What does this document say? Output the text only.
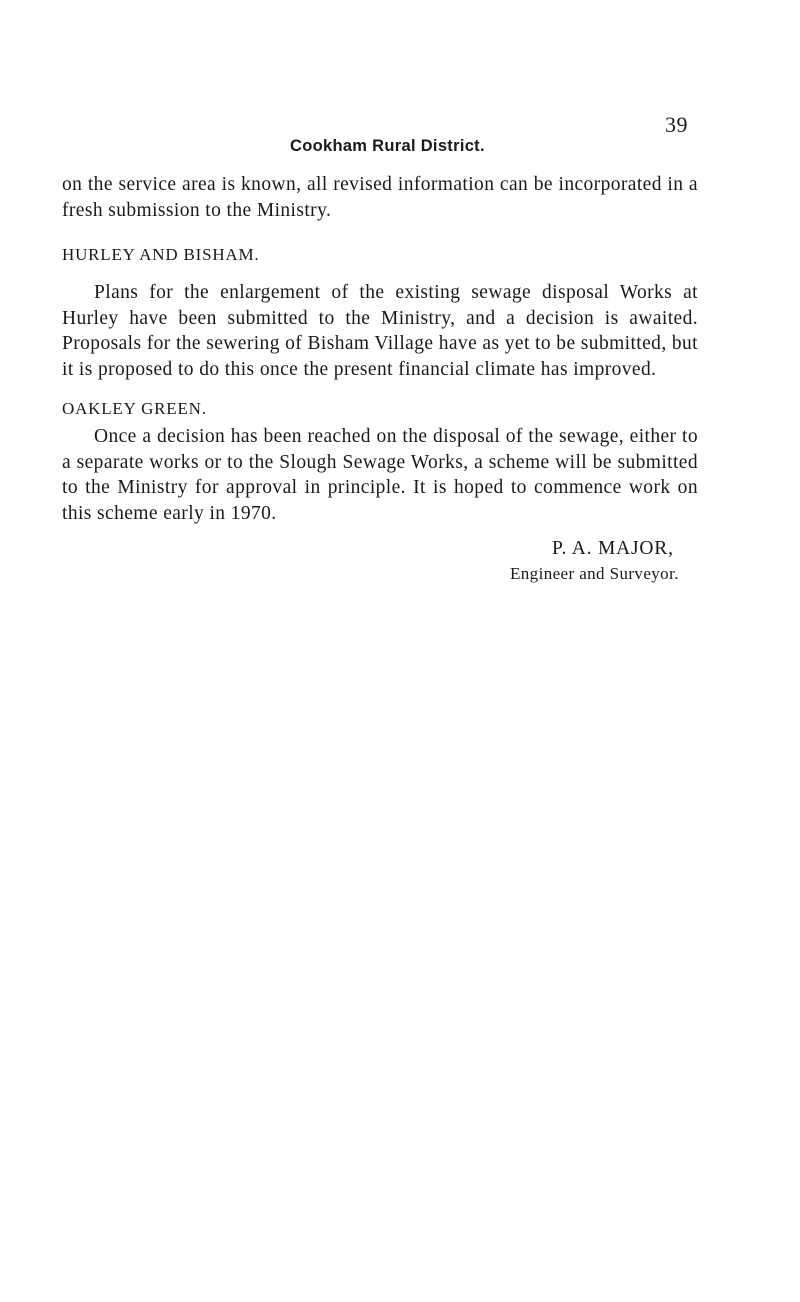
39
Cookham Rural District.

on the service area is known, all revised information can be incorporated in a fresh submission to the Ministry.

HURLEY AND BISHAM.

Plans for the enlargement of the existing sewage disposal Works at Hurley have been submitted to the Ministry, and a decision is awaited. Proposals for the sewering of Bisham Village have as yet to be submitted, but it is proposed to do this once the present financial climate has improved.

OAKLEY GREEN.

Once a decision has been reached on the disposal of the sewage, either to a separate works or to the Slough Sewage Works, a scheme will be submitted to the Ministry for approval in principle. It is hoped to commence work on this scheme early in 1970.

P. A. MAJOR,
Engineer and Surveyor.
